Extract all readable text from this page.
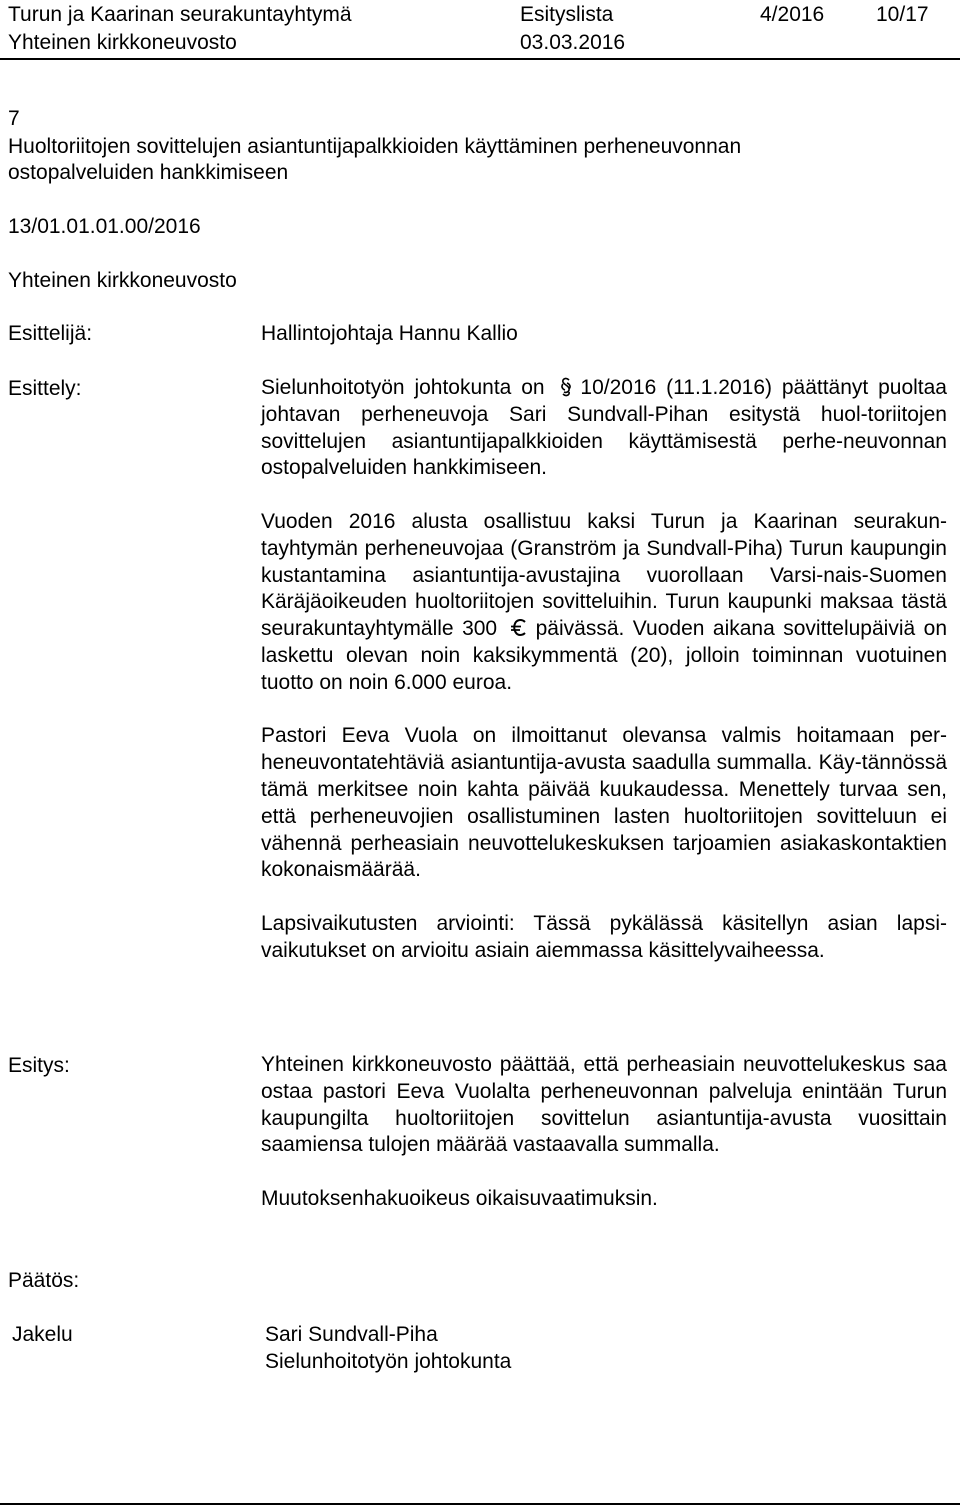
Turun ja Kaarinan seurakuntayhtymä	Esityslista	4/2016 10/17
Yhteinen kirkkoneuvosto	03.03.2016
7
Huoltoriitojen sovittelujen asiantuntijapalkkioiden käyttäminen perheneuvonnan
ostopalveluiden hankkimiseen
13/01.01.01.00/2016
Yhteinen kirkkoneuvosto
Esittelijä:	Hallintojohtaja Hannu Kallio
Esittely:	Sielunhoitotyön johtokunta on 10/2016 (11.1.2016) päättänyt puoltaa johtavan perheneuvoja Sari Sundvall-Pihan esitystä huol-toriitojen sovittelujen asiantuntijapalkkioiden käyttämisestä perhe-neuvonnan ostopalveluiden hankkimiseen.

Vuoden 2016 alusta osallistuu kaksi Turun ja Kaarinan seurakun-tayhtymän perheneuvojaa (Granström ja Sundvall-Piha) Turun kaupungin kustantamina asiantuntija-avustajina vuorollaan Varsi-nais-Suomen Käräjäoikeuden huoltoriitojen sovitteluihin. Turun kaupunki maksaa tästä seurakuntayhtymälle 300 päivässä. Vuoden aikana sovittelupäiviä on laskettu olevan noin kaksikymmentä (20), jolloin toiminnan vuotuinen tuotto on noin 6.000 euroa.

Pastori Eeva Vuola on ilmoittanut olevansa valmis hoitamaan per-heneuvontatehtäviä asiantuntija-avusta saadulla summalla. Käy-tännössä tämä merkitsee noin kahta päivää kuukaudessa. Menettely turvaa sen, että perheneuvojien osallistuminen lasten huoltoriitojen sovitteluun ei vähennä perheasiain neuvottelukeskuksen tarjoamien asiakaskontaktien kokonaismäärää.

Lapsivaikutusten arviointi: Tässä pykälässä käsitellyn asian lapsi-vaikutukset on arvioitu asiain aiemmassa käsittelyvaiheessa.

Esitys:	Yhteinen kirkkoneuvosto päättää, että perheasiain neuvottelukeskus saa ostaa pastori Eeva Vuolalta perheneuvonnan palveluja enintään Turun kaupungilta huoltoriitojen sovittelun asiantuntija-avusta vuosittain saamiensa tulojen määrää vastaavalla summalla.

Muutoksenhakuoikeus oikaisuvaatimuksin.

Päätös:
Jakelu	Sari Sundvall-Piha
Sielunhoitotyön johtokunta
